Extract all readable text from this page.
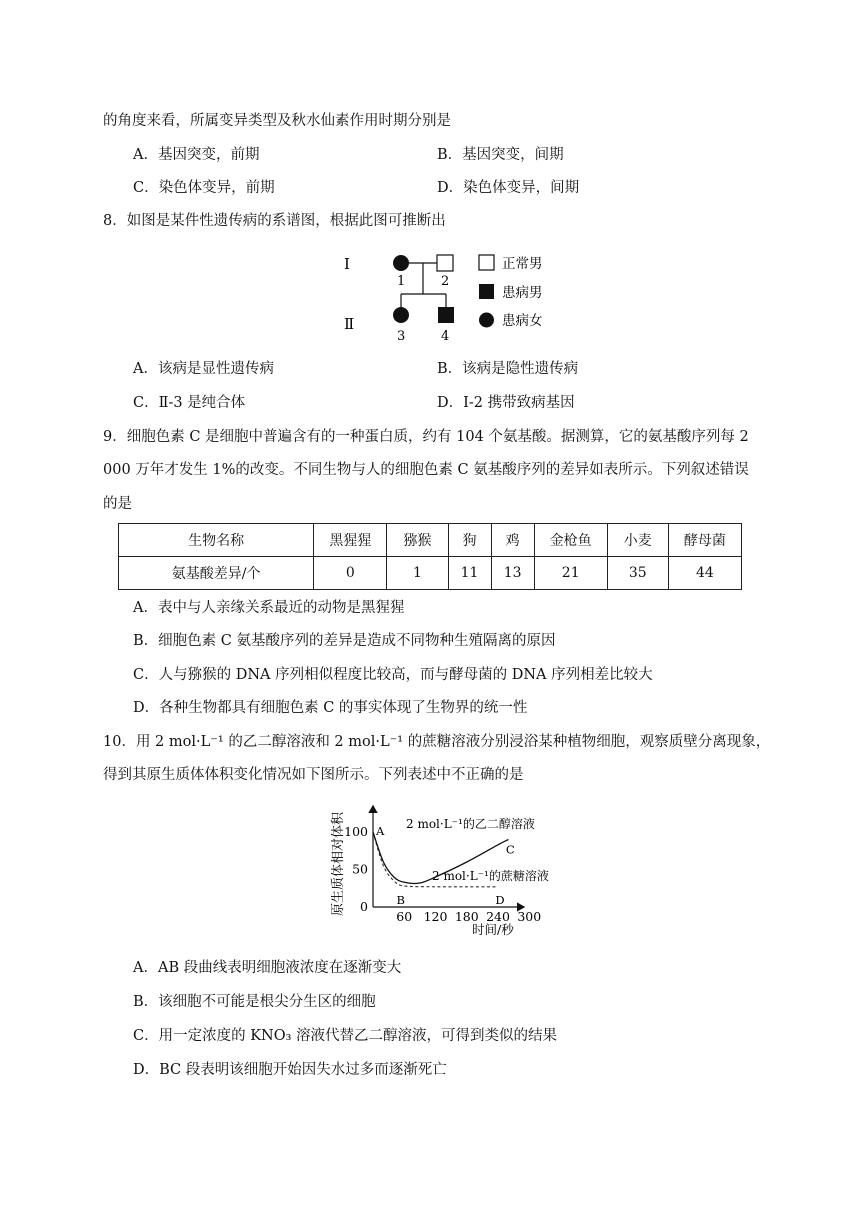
的角度来看，所属变异类型及秋水仙素作用时期分别是
A．基因突变，前期	B．基因突变，间期
C．染色体变异，前期	D．染色体变异，间期
8．如图是某件性遗传病的系谱图，根据此图可推断出
Ⅰ
Ⅱ
1	2
3	4
正常男
患病男
患病女
A．该病是显性遗传病	B．该病是隐性遗传病
C．Ⅱ-3 是纯合体	D．Ⅰ-2 携带致病基因
9．细胞色素 C 是细胞中普遍含有的一种蛋白质，约有 104 个氨基酸。据测算，它的氨基酸序列每 2
000 万年才发生 1%的改变。不同生物与人的细胞色素 C 氨基酸序列的差异如表所示。下列叙述错误
的是
生物名称	黑猩猩	猕猴	狗	鸡	金枪鱼	小麦	酵母菌
氨基酸差异/个	0	1	11	13	21	35	44
A．表中与人亲缘关系最近的动物是黑猩猩
B．细胞色素 C 氨基酸序列的差异是造成不同物种生殖隔离的原因
C．人与猕猴的 DNA 序列相似程度比较高，而与酵母菌的 DNA 序列相差比较大
D．各种生物都具有细胞色素 C 的事实体现了生物界的统一性
10．用 2 mol·L⁻¹ 的乙二醇溶液和 2 mol·L⁻¹ 的蔗糖溶液分别浸浴某种植物细胞，观察质壁分离现象，
得到其原生质体体积变化情况如下图所示。下列表述中不正确的是
原生质体相对体积
60 120 180 240 300
0
50
100	2 mol·L⁻¹的乙二醇溶液
2 mol·L⁻¹的蔗糖溶液
A
B
C
D
时间/秒
A．AB 段曲线表明细胞液浓度在逐渐变大
B．该细胞不可能是根尖分生区的细胞
C．用一定浓度的 KNO₃ 溶液代替乙二醇溶液，可得到类似的结果
D．BC 段表明该细胞开始因失水过多而逐渐死亡
